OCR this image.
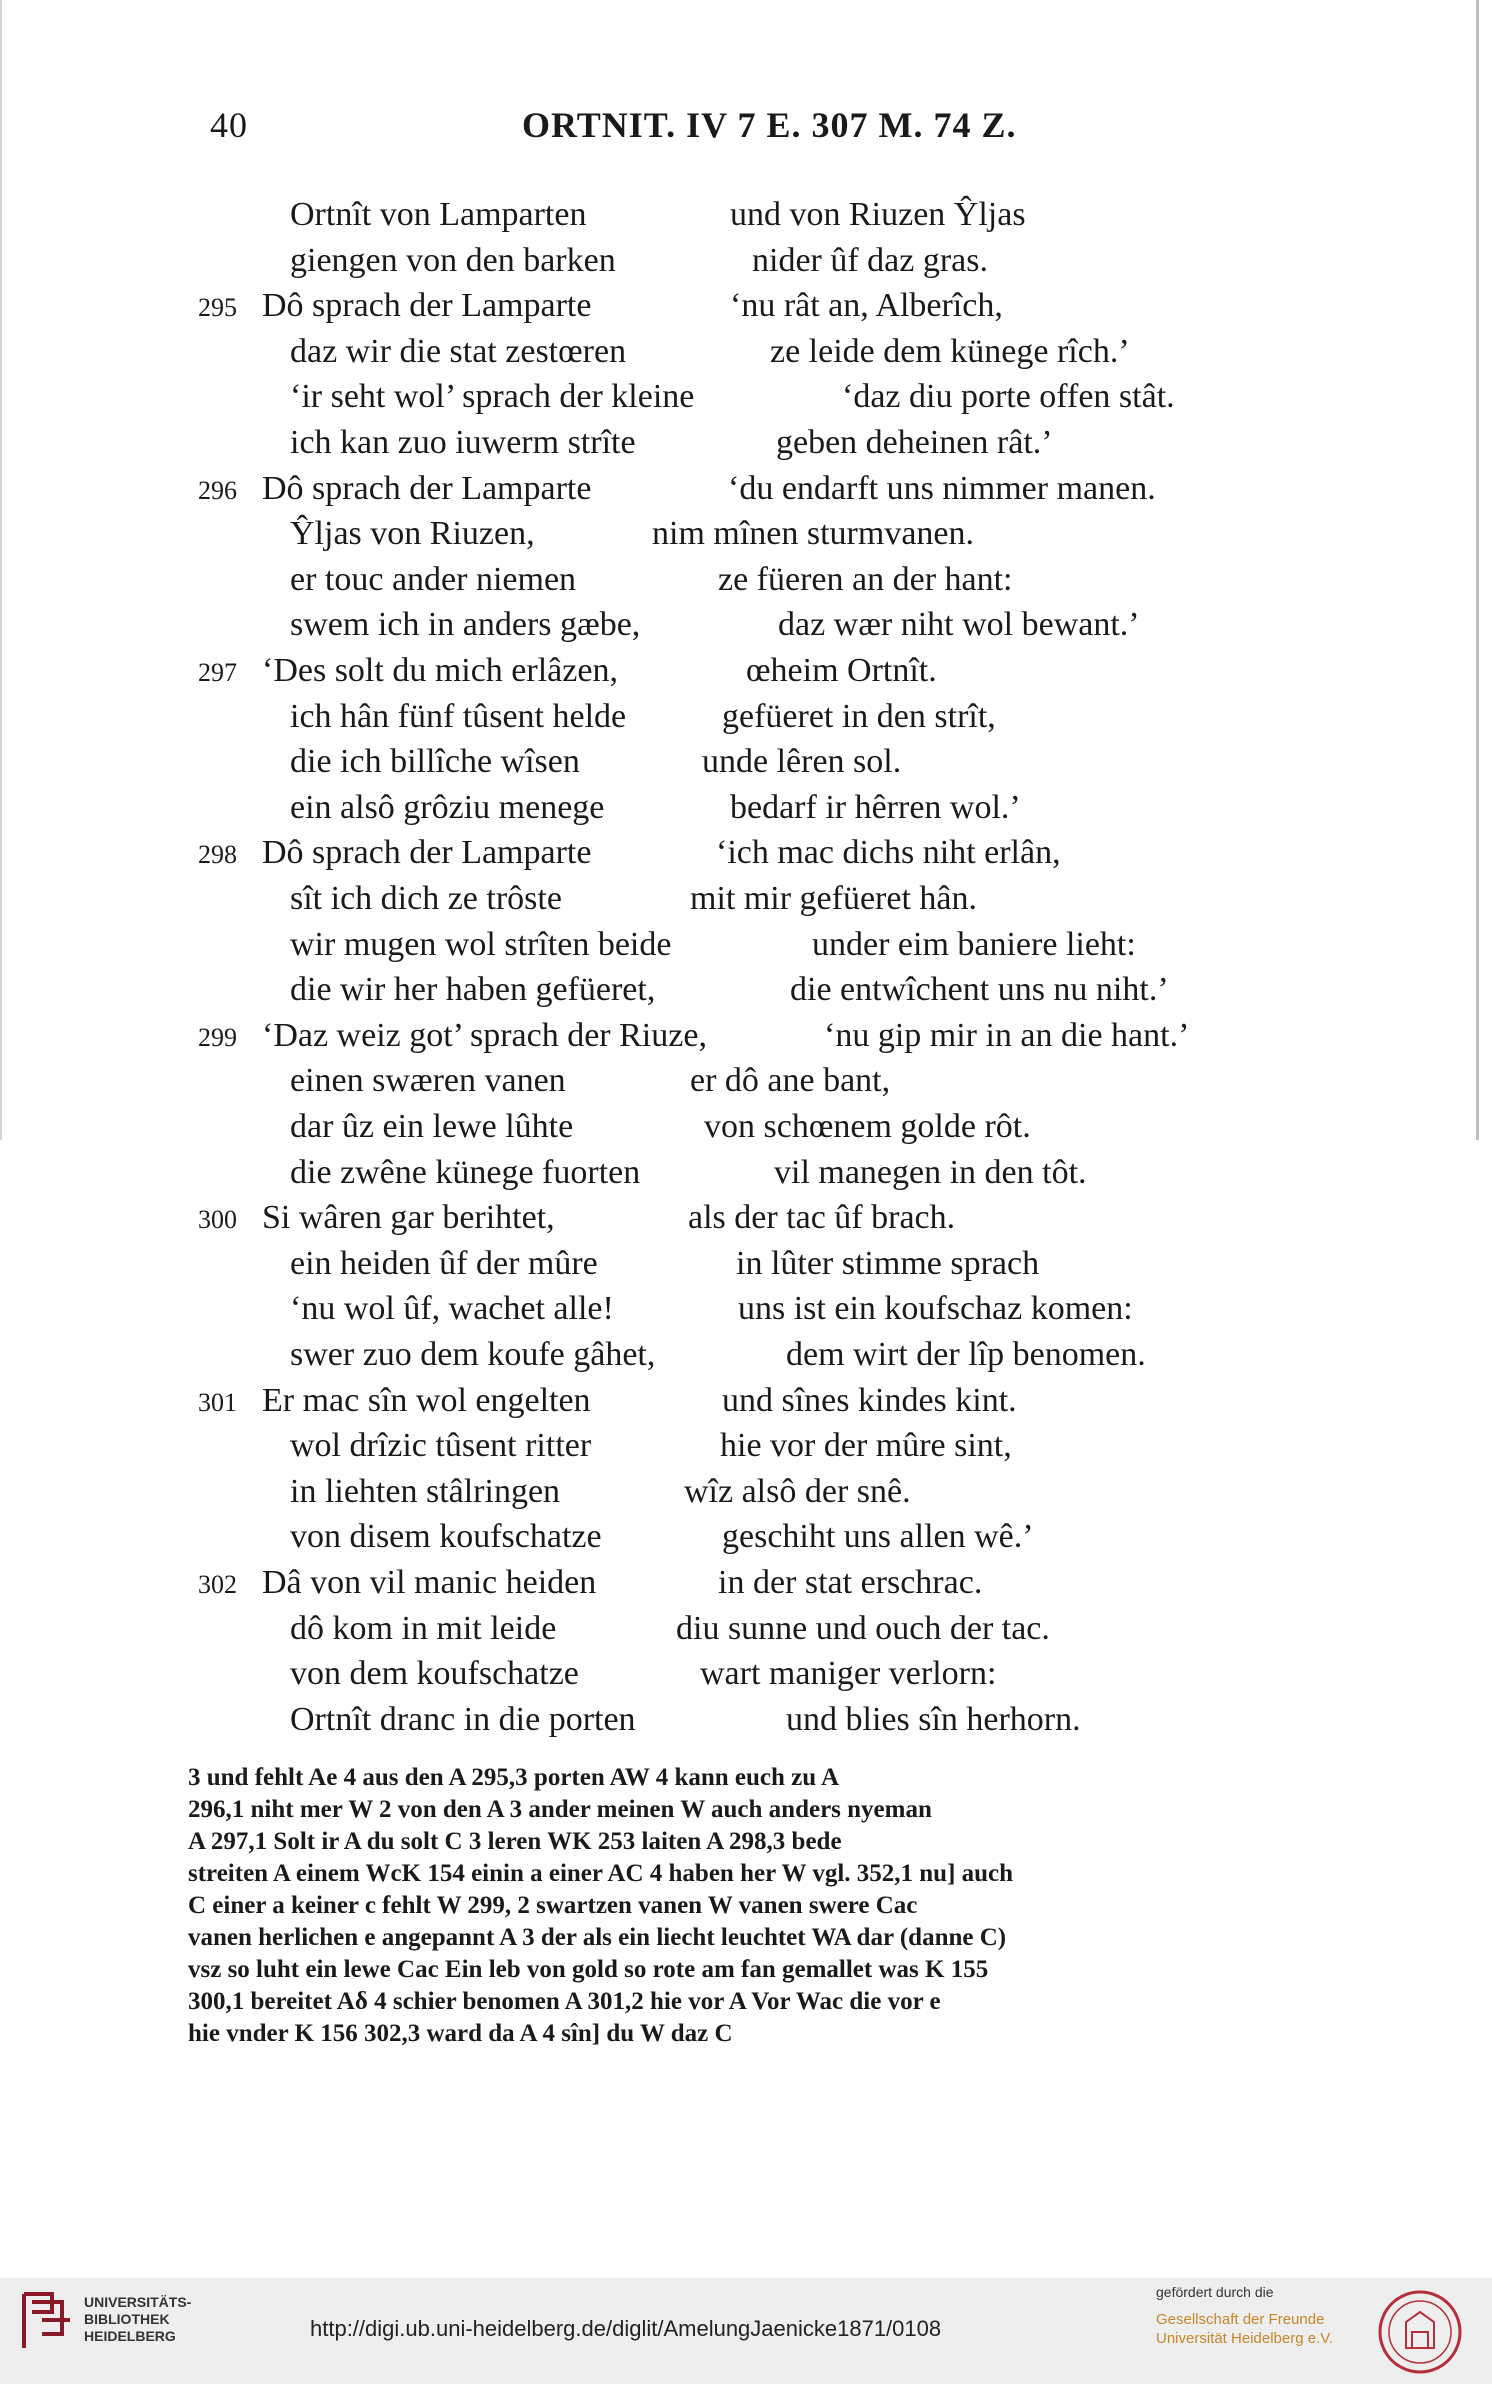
40	ORTNIT. IV 7 E. 307 M. 74 Z.
Ortnît von Lamparten	und von Riuzen Ŷljas
giengen von den barken	nider ûf daz gras.
295 Dô sprach der Lamparte	‘nu rât an, Alberîch,
daz wir die stat zestœren	ze leide dem künege rîch.’
‘ir seht wol’ sprach der kleine	‘daz diu porte offen stât.
ich kan zuo iuwerm strîte	geben deheinen rât.’
296 Dô sprach der Lamparte	‘du endarft uns nimmer manen.
Ŷljas von Riuzen,	nim mînen sturmvanen.
er touc ander niemen	ze füeren an der hant:
swem ich in anders gæbe,	daz wær niht wol bewant.’
297 ‘Des solt du mich erlâzen,	œheim Ortnît.
ich hân fünf tûsent helde	gefüeret in den strît,
die ich billîche wîsen	unde lêren sol.
ein alsô grôziu menege	bedarf ir hêrren wol.’
298 Dô sprach der Lamparte	‘ich mac dichs niht erlân,
sît ich dich ze trôste	mit mir gefüeret hân.
wir mugen wol strîten beide	under eim baniere lieht:
die wir her haben gefüeret,	die entwîchent uns nu niht.’
299 ‘Daz weiz got’ sprach der Riuze,	‘nu gip mir in an die hant.’
einen swæren vanen	er dô ane bant,
dar ûz ein lewe lûhte	von schœnem golde rôt.
die zwêne künege fuorten	vil manegen in den tôt.
300 Si wâren gar berihtet,	als der tac ûf brach.
ein heiden ûf der mûre	in lûter stimme sprach
‘nu wol ûf, wachet alle!	uns ist ein koufschaz komen:
swer zuo dem koufe gâhet,	dem wirt der lîp benomen.
301 Er mac sîn wol engelten	und sînes kindes kint.
wol drîzic tûsent ritter	hie vor der mûre sint,
in liehten stâlringen	wîz alsô der snê.
von disem koufschatze	geschiht uns allen wê.’
302 Dâ von vil manic heiden	in der stat erschrac.
dô kom in mit leide	diu sunne und ouch der tac.
von dem koufschatze	wart maniger verlorn:
Ortnît dranc in die porten	und blies sîn herhorn.
3 und fehlt Ae 4 aus den A 295,3 porten AW 4 kann euch zu A
296,1 niht mer W 2 von den A 3 ander meinen W auch anders nyeman
A 297,1 Solt ir A du solt C 3 leren WK 253 laiten A 298,3 bede
streiten A einem WcK 154 einin a einer AC 4 haben her W vgl. 352,1 nu] auch
C einer a keiner c fehlt W 299, 2 swartzen vanen W vanen swere Cac
vanen herlichen e angepannt A 3 der als ein liecht leuchtet WA dar (danne C)
vsz so luht ein lewe Cac Ein leb von gold so rote am fan gemallet was K 155
300,1 bereitet Aδ 4 schier benomen A 301,2 hie vor A Vor Wac die vor e
hie vnder K 156 302,3 ward da A 4 sîn] du W daz C
UNIVERSITÄTS-
BIBLIOTHEK
HEIDELBERG	http://digi.ub.uni-heidelberg.de/diglit/AmelungJaenicke1871/0108
gefördert durch die
Gesellschaft der Freunde
Universität Heidelberg e.V.
